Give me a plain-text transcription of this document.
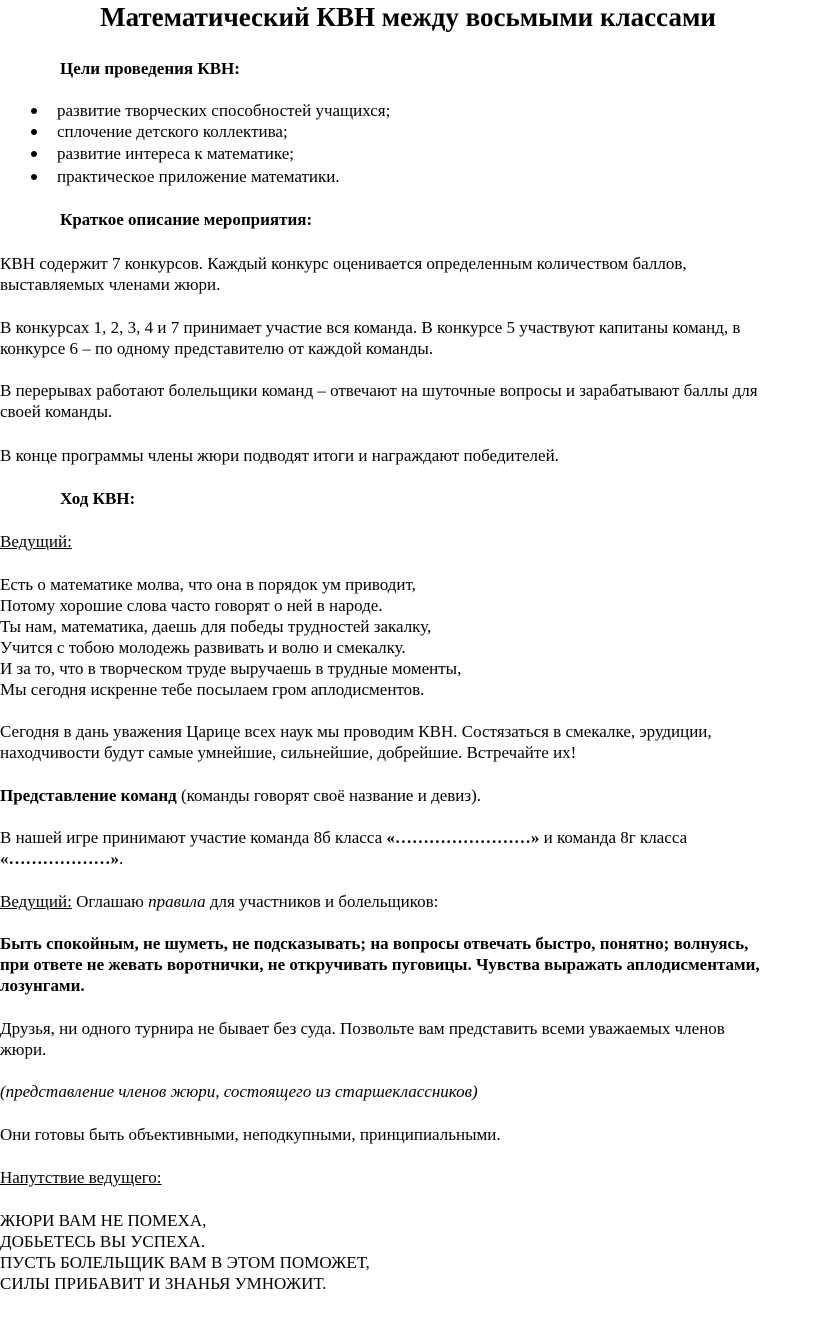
Математический КВН между восьмыми классами
Цели проведения КВН:
развитие творческих способностей учащихся;
сплочение детского коллектива;
развитие интереса к математике;
практическое приложение математики.
Краткое описание мероприятия:
КВН содержит 7 конкурсов. Каждый конкурс оценивается определенным количеством баллов,
выставляемых членами жюри.
В конкурсах 1, 2, 3, 4 и 7 принимает участие вся команда. В конкурсе 5 участвуют капитаны команд, в
конкурсе 6 – по одному представителю от каждой команды.
В перерывах работают болельщики команд – отвечают на шуточные вопросы и зарабатывают баллы для
своей команды.
В конце программы члены жюри подводят итоги и награждают победителей.
Ход КВН:
Ведущий:
Есть о математике молва, что она в порядок ум приводит,
Потому хорошие слова часто говорят о ней в народе.
Ты нам, математика, даешь для победы трудностей закалку,
Учится с тобою молодежь развивать и волю и смекалку.
И за то, что в творческом труде выручаешь в трудные моменты,
Мы сегодня искренне тебе посылаем гром аплодисментов.
Сегодня в дань уважения Царице всех наук мы проводим КВН. Состязаться в смекалке, эрудиции,
находчивости будут самые умнейшие, сильнейшие, добрейшие. Встречайте их!
Представление команд (команды говорят своё название и девиз).
В нашей игре принимают участие команда 8б класса «……………………» и команда 8г класса
«………………».
Ведущий: Оглашаю правила для участников и болельщиков:
Быть спокойным, не шуметь, не подсказывать; на вопросы отвечать быстро, понятно; волнуясь,
при ответе не жевать воротнички, не откручивать пуговицы. Чувства выражать аплодисментами,
лозунгами.
Друзья, ни одного турнира не бывает без суда. Позвольте вам представить всеми уважаемых членов
жюри.
(представление членов жюри, состоящего из старшеклассников)
Они готовы быть объективными, неподкупными, принципиальными.
Напутствие ведущего:
ЖЮРИ ВАМ НЕ ПОМЕХА,
ДОБЬЕТЕСЬ ВЫ УСПЕХА.
ПУСТЬ БОЛЕЛЬЩИК ВАМ В ЭТОМ ПОМОЖЕТ,
СИЛЫ ПРИБАВИТ И ЗНАНЬЯ УМНОЖИТ.
